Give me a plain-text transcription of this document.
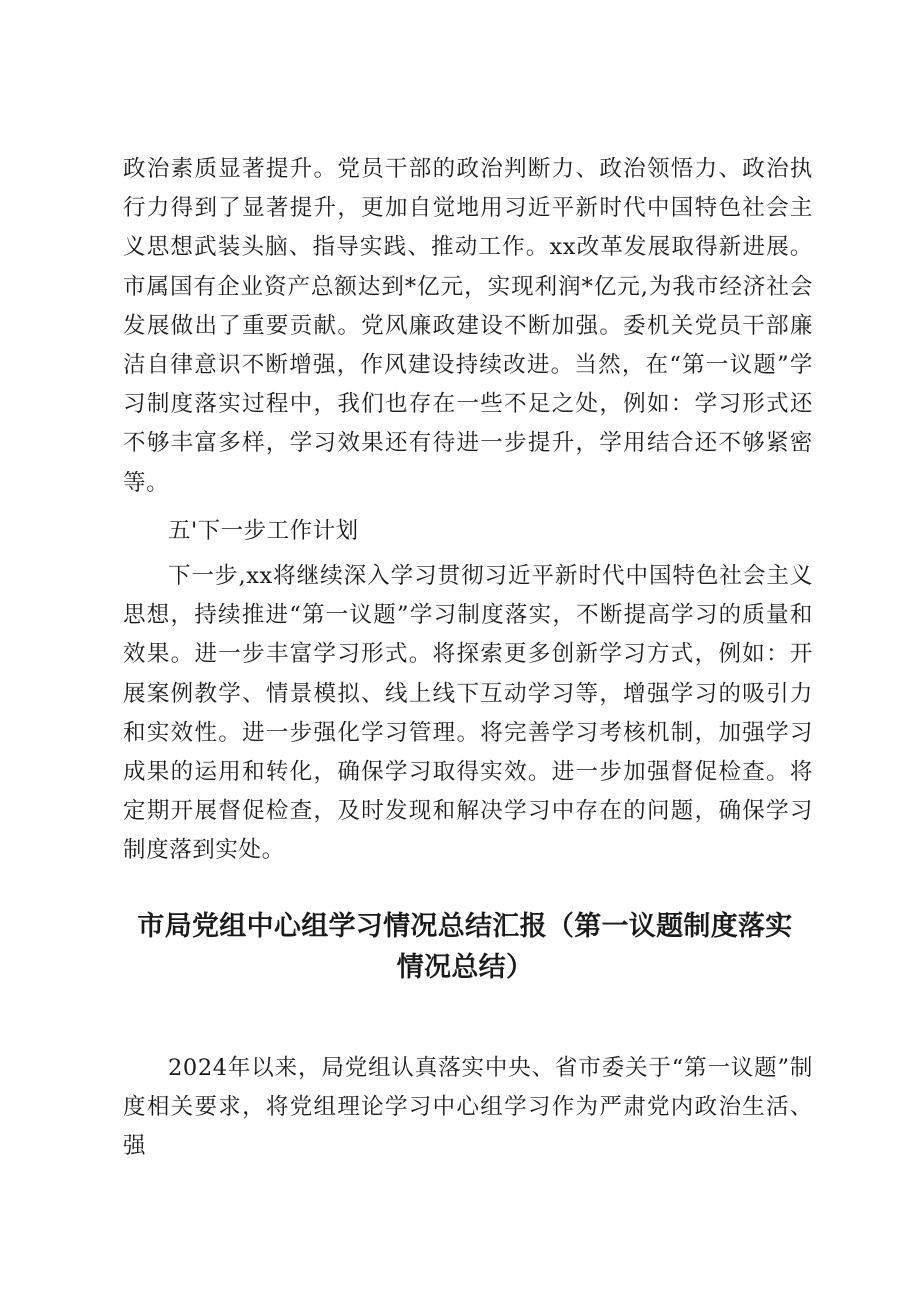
政治素质显著提升。党员干部的政治判断力、政治领悟力、政治执行力得到了显著提升，更加自觉地用习近平新时代中国特色社会主义思想武装头脑、指导实践、推动工作。xx改革发展取得新进展。市属国有企业资产总额达到*亿元，实现利润*亿元,为我市经济社会发展做出了重要贡献。党风廉政建设不断加强。委机关党员干部廉洁自律意识不断增强，作风建设持续改进。当然，在“第一议题”学习制度落实过程中，我们也存在一些不足之处，例如：学习形式还不够丰富多样，学习效果还有待进一步提升，学用结合还不够紧密等。

五'下一步工作计划

下一步,xx将继续深入学习贯彻习近平新时代中国特色社会主义思想，持续推进“第一议题”学习制度落实，不断提高学习的质量和效果。进一步丰富学习形式。将探索更多创新学习方式，例如：开展案例教学、情景模拟、线上线下互动学习等，增强学习的吸引力和实效性。进一步强化学习管理。将完善学习考核机制，加强学习成果的运用和转化，确保学习取得实效。进一步加强督促检查。将定期开展督促检查，及时发现和解决学习中存在的问题，确保学习制度落到实处。

市局党组中心组学习情况总结汇报（第一议题制度落实情况总结）

2024年以来，局党组认真落实中央、省市委关于“第一议题”制度相关要求，将党组理论学习中心组学习作为严肃党内政治生活、强
